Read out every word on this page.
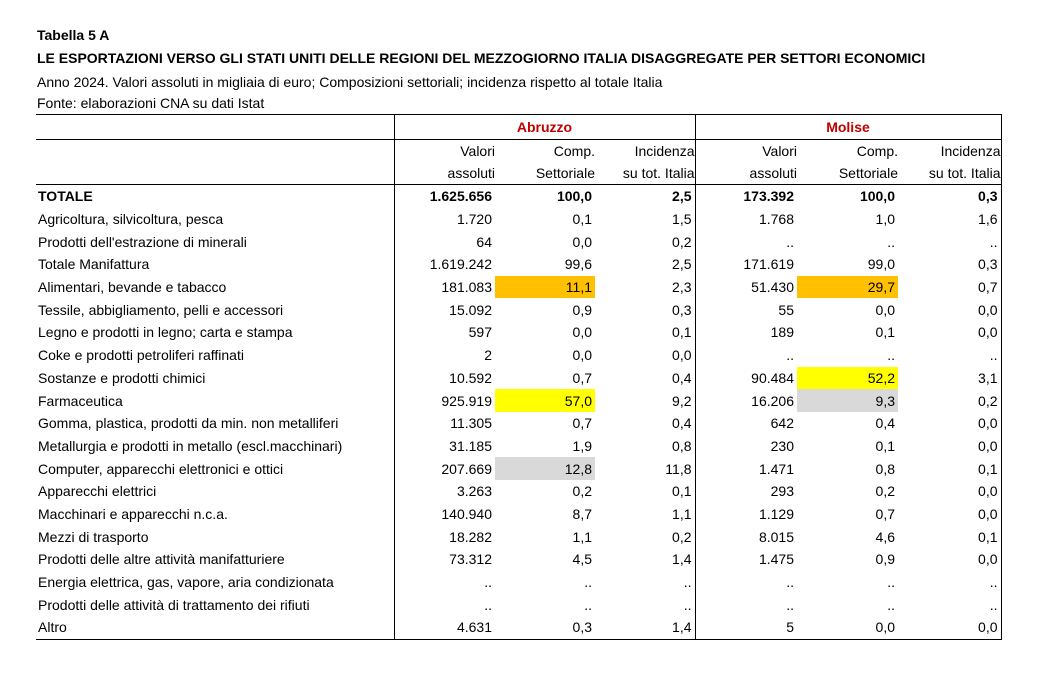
Tabella 5 A
LE ESPORTAZIONI VERSO GLI STATI UNITI DELLE REGIONI DEL MEZZOGIORNO ITALIA DISAGGREGATE PER SETTORI ECONOMICI
Anno 2024. Valori assoluti in migliaia di euro; Composizioni settoriali; incidenza rispetto al totale Italia
Fonte: elaborazioni CNA su dati Istat
	Abruzzo			Molise		
	Valori	Comp.	Incidenza	Valori	Comp.	Incidenza
	assoluti	Settoriale	su tot. Italia	assoluti	Settoriale	su tot. Italia
TOTALE	1.625.656	100,0	2,5	173.392	100,0	0,3
Agricoltura, silvicoltura, pesca	1.720	0,1	1,5	1.768	1,0	1,6
Prodotti dell'estrazione di minerali	64	0,0	0,2	..	..	..
Totale Manifattura	1.619.242	99,6	2,5	171.619	99,0	0,3
Alimentari, bevande e tabacco	181.083	11,1	2,3	51.430	29,7	0,7
Tessile, abbigliamento, pelli e accessori	15.092	0,9	0,3	55	0,0	0,0
Legno e prodotti in legno; carta e stampa	597	0,0	0,1	189	0,1	0,0
Coke e prodotti petroliferi raffinati	2	0,0	0,0	..	..	..
Sostanze e prodotti chimici	10.592	0,7	0,4	90.484	52,2	3,1
Farmaceutica	925.919	57,0	9,2	16.206	9,3	0,2
Gomma, plastica, prodotti da min. non metalliferi	11.305	0,7	0,4	642	0,4	0,0
Metallurgia e prodotti in metallo (escl.macchinari)	31.185	1,9	0,8	230	0,1	0,0
Computer, apparecchi elettronici e ottici	207.669	12,8	11,8	1.471	0,8	0,1
Apparecchi elettrici	3.263	0,2	0,1	293	0,2	0,0
Macchinari e apparecchi n.c.a.	140.940	8,7	1,1	1.129	0,7	0,0
Mezzi di trasporto	18.282	1,1	0,2	8.015	4,6	0,1
Prodotti delle altre attività manifatturiere	73.312	4,5	1,4	1.475	0,9	0,0
Energia elettrica, gas, vapore, aria condizionata	..	..	..	..	..	..
Prodotti delle attività di trattamento dei rifiuti	..	..	..	..	..	..
Altro	4.631	0,3	1,4	5	0,0	0,0
